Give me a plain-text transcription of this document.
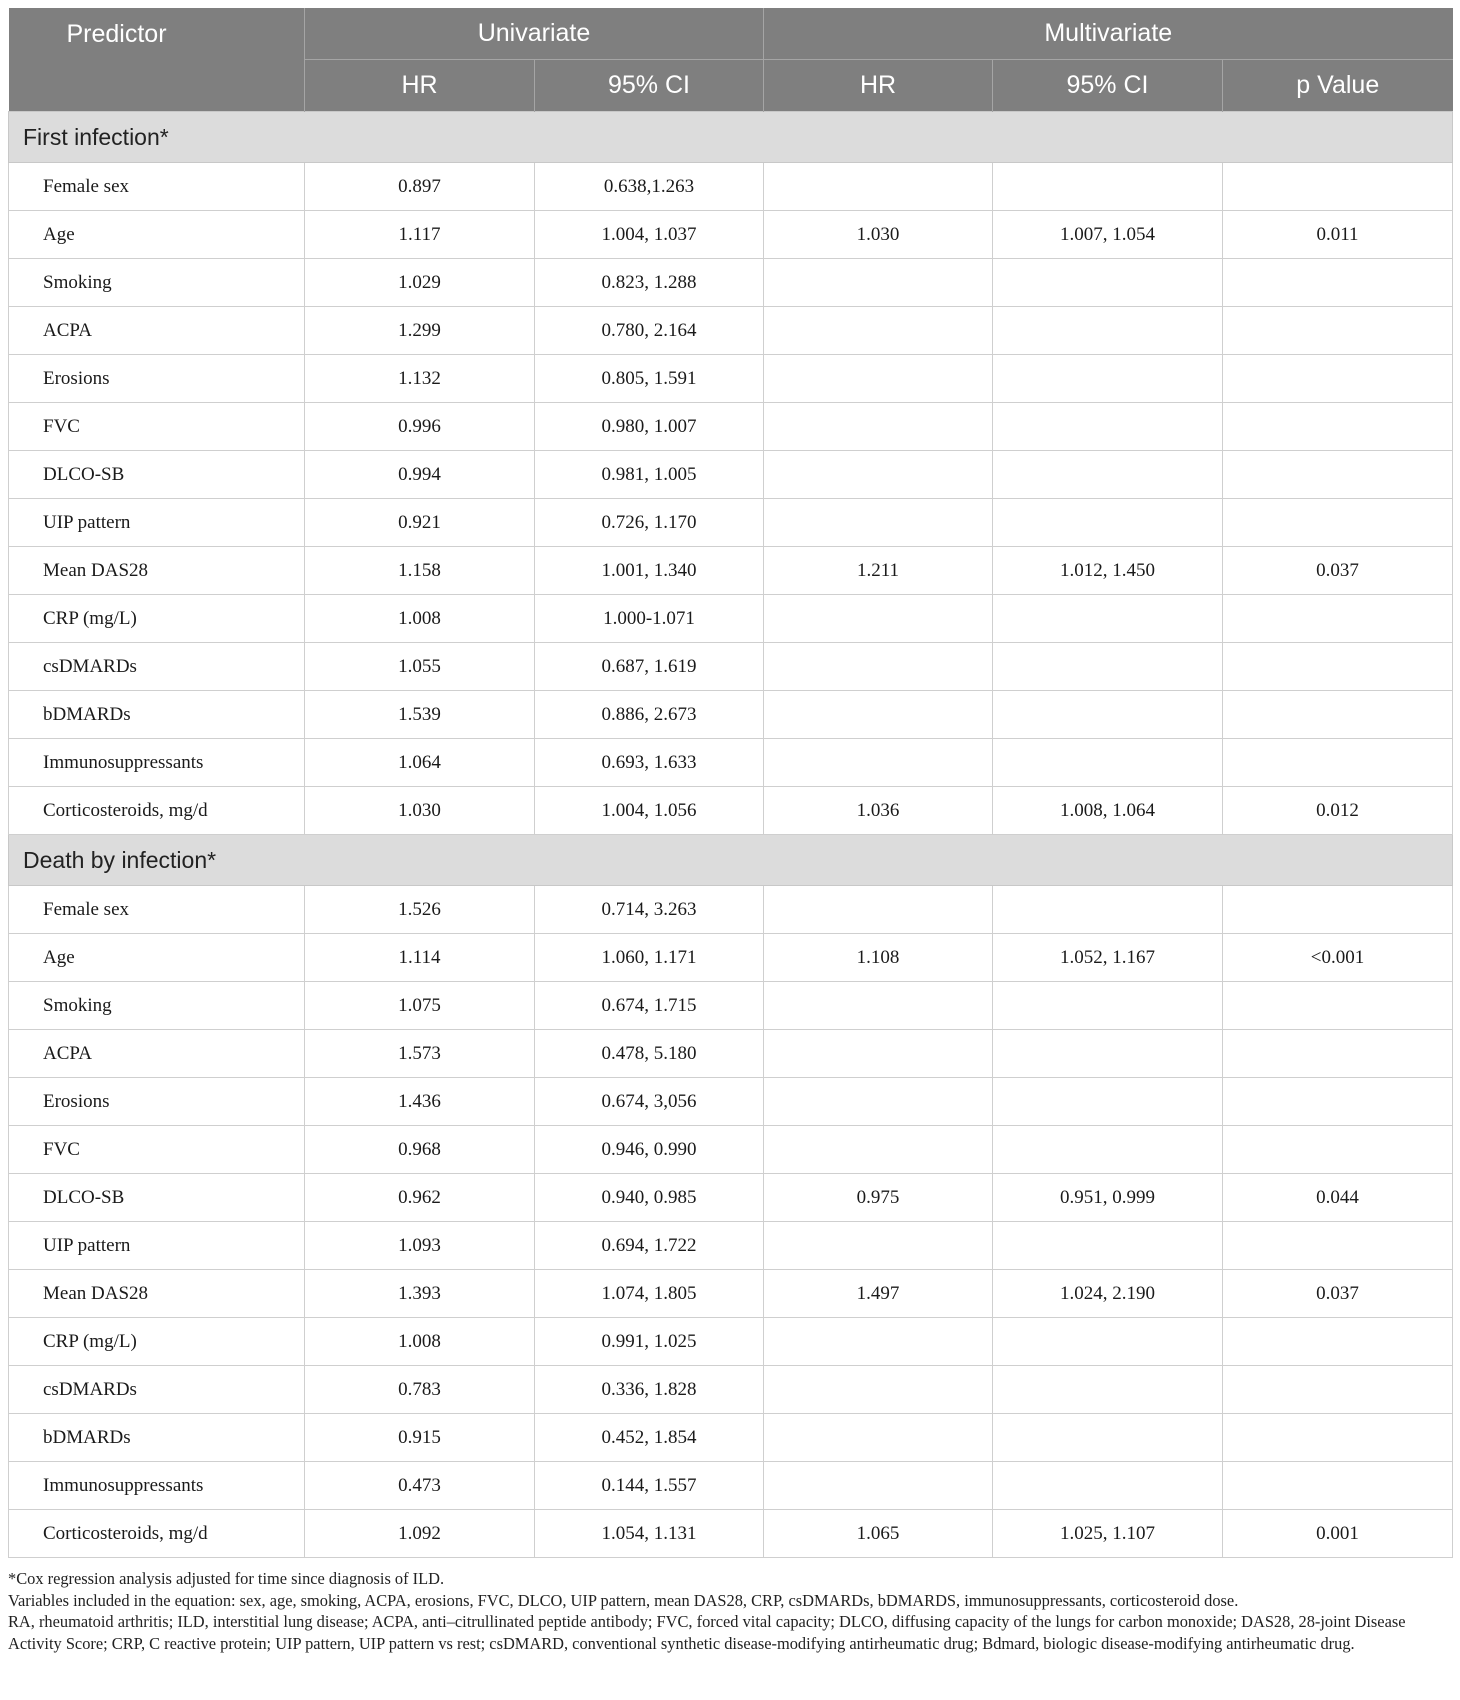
Predictor	Univariate		Multivariate		
	HR	95% CI	HR	95% CI	p Value
First infection*					
Female sex	0.897	0.638,1.263			
Age	1.117	1.004, 1.037	1.030	1.007, 1.054	0.011
Smoking	1.029	0.823, 1.288			
ACPA	1.299	0.780, 2.164			
Erosions	1.132	0.805, 1.591			
FVC	0.996	0.980, 1.007			
DLCO-SB	0.994	0.981, 1.005			
UIP pattern	0.921	0.726, 1.170			
Mean DAS28	1.158	1.001, 1.340	1.211	1.012, 1.450	0.037
CRP (mg/L)	1.008	1.000-1.071			
csDMARDs	1.055	0.687, 1.619			
bDMARDs	1.539	0.886, 2.673			
Immunosuppressants	1.064	0.693, 1.633			
Corticosteroids, mg/d	1.030	1.004, 1.056	1.036	1.008, 1.064	0.012
Death by infection*					
Female sex	1.526	0.714, 3.263			
Age	1.114	1.060, 1.171	1.108	1.052, 1.167	<0.001
Smoking	1.075	0.674, 1.715			
ACPA	1.573	0.478, 5.180			
Erosions	1.436	0.674, 3,056			
FVC	0.968	0.946, 0.990			
DLCO-SB	0.962	0.940, 0.985	0.975	0.951, 0.999	0.044
UIP pattern	1.093	0.694, 1.722			
Mean DAS28	1.393	1.074, 1.805	1.497	1.024, 2.190	0.037
CRP (mg/L)	1.008	0.991, 1.025			
csDMARDs	0.783	0.336, 1.828			
bDMARDs	0.915	0.452, 1.854			
Immunosuppressants	0.473	0.144, 1.557			
Corticosteroids, mg/d	1.092	1.054, 1.131	1.065	1.025, 1.107	0.001

*Cox regression analysis adjusted for time since diagnosis of ILD.

Variables included in the equation: sex, age, smoking, ACPA, erosions, FVC, DLCO, UIP pattern, mean DAS28, CRP, csDMARDs, bDMARDS, immunosuppressants, corticosteroid dose.

RA, rheumatoid arthritis; ILD, interstitial lung disease; ACPA, anti–citrullinated peptide antibody; FVC, forced vital capacity; DLCO, diffusing capacity of the lungs for carbon monoxide; DAS28, 28-joint Disease Activity Score; CRP, C reactive protein; UIP pattern, UIP pattern vs rest; csDMARD, conventional synthetic disease-modifying antirheumatic drug; Bdmard, biologic disease-modifying antirheumatic drug.
